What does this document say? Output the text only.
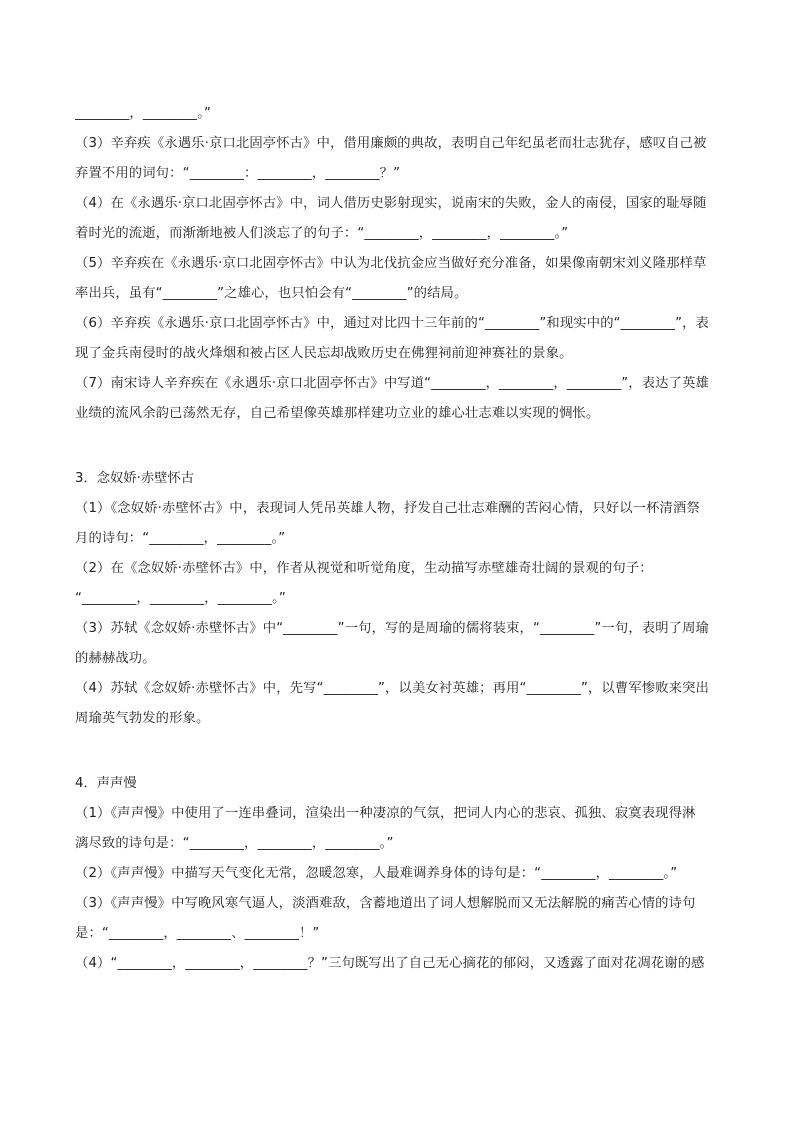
________，________。”
（3）辛弃疾《永遇乐·京口北固亭怀古》中，借用廉颇的典故，表明自己年纪虽老而壮志犹存，感叹自己被
弃置不用的词句：“________：________，________？”
（4）在《永遇乐·京口北固亭怀古》中，词人借历史影射现实，说南宋的失败，金人的南侵，国家的耻辱随
着时光的流逝，而渐渐地被人们淡忘了的句子：“________，________，________。”
（5）辛弃疾在《永遇乐·京口北固亭怀古》中认为北伐抗金应当做好充分准备，如果像南朝宋刘义隆那样草
率出兵，虽有“________”之雄心，也只怕会有“________”的结局。
（6）辛弃疾《永遇乐·京口北固亭怀古》中，通过对比四十三年前的“________”和现实中的“________”，表
现了金兵南侵时的战火烽烟和被占区人民忘却战败历史在佛狸祠前迎神赛社的景象。
（7）南宋诗人辛弃疾在《永遇乐·京口北固亭怀古》中写道“________，________，________”，表达了英雄
业绩的流风余韵已荡然无存，自己希望像英雄那样建功立业的雄心壮志难以实现的惆怅。
3．念奴娇·赤壁怀古
（1）《念奴娇·赤壁怀古》中，表现词人凭吊英雄人物，抒发自己壮志难酬的苦闷心情，只好以一杯清酒祭
月的诗句：“________，________。”
（2）在《念奴娇·赤壁怀古》中，作者从视觉和听觉角度，生动描写赤壁雄奇壮阔的景观的句子：
“________，________，________。”
（3）苏轼《念奴娇·赤壁怀古》中“________”一句，写的是周瑜的儒将装束，“________”一句，表明了周瑜
的赫赫战功。
（4）苏轼《念奴娇·赤壁怀古》中，先写“________”，以美女衬英雄；再用“________”，以曹军惨败来突出
周瑜英气勃发的形象。
4．声声慢
（1）《声声慢》中使用了一连串叠词，渲染出一种凄凉的气氛，把词人内心的悲哀、孤独、寂寞表现得淋
漓尽致的诗句是：“________，________，________。”
（2）《声声慢》中描写天气变化无常，忽暖忽寒，人最难调养身体的诗句是：“________，________。”
（3）《声声慢》中写晚风寒气逼人，淡酒难敌，含蓄地道出了词人想解脱而又无法解脱的痛苦心情的诗句
是：“________，________、________！”
（4）“________，________，________？”三句既写出了自己无心摘花的郁闷，又透露了面对花凋花谢的感
